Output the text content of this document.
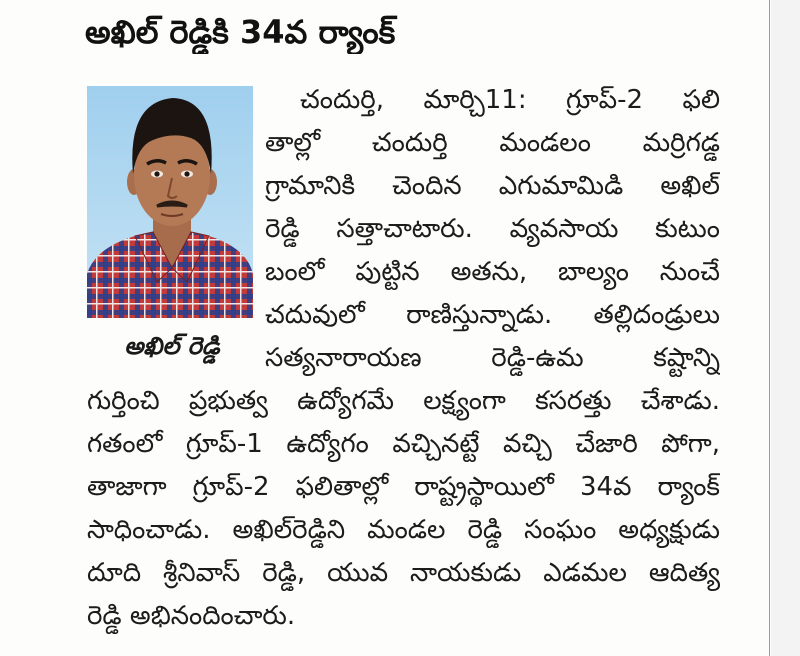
అఖిల్ రెడ్డికి 34వ ర్యాంక్
అఖిల్ రెడ్డి
చందుర్తి, మార్చి11: గ్రూప్-2 ఫలి
తాల్లో చందుర్తి మండలం మర్రిగడ్డ
గ్రామానికి చెందిన ఎగుమామిడి అఖిల్
రెడ్డి సత్తాచాటారు. వ్యవసాయ కుటుం
బంలో పుట్టిన అతను, బాల్యం నుంచే
చదువులో రాణిస్తున్నాడు. తల్లిదండ్రులు
సత్యనారాయణ రెడ్డి-ఉమ కష్టాన్ని
గుర్తించి ప్రభుత్వ ఉద్యోగమే లక్ష్యంగా కసరత్తు చేశాడు.
గతంలో గ్రూప్-1 ఉద్యోగం వచ్చినట్టే వచ్చి చేజారి పోగా,
తాజాగా గ్రూప్-2 ఫలితాల్లో రాష్ట్రస్థాయిలో 34వ ర్యాంక్
సాధించాడు. అఖిల్‌రెడ్డిని మండల రెడ్డి సంఘం అధ్యక్షుడు
దూది శ్రీనివాస్ రెడ్డి, యువ నాయకుడు ఎడమల ఆదిత్య
రెడ్డి అభినందించారు.
